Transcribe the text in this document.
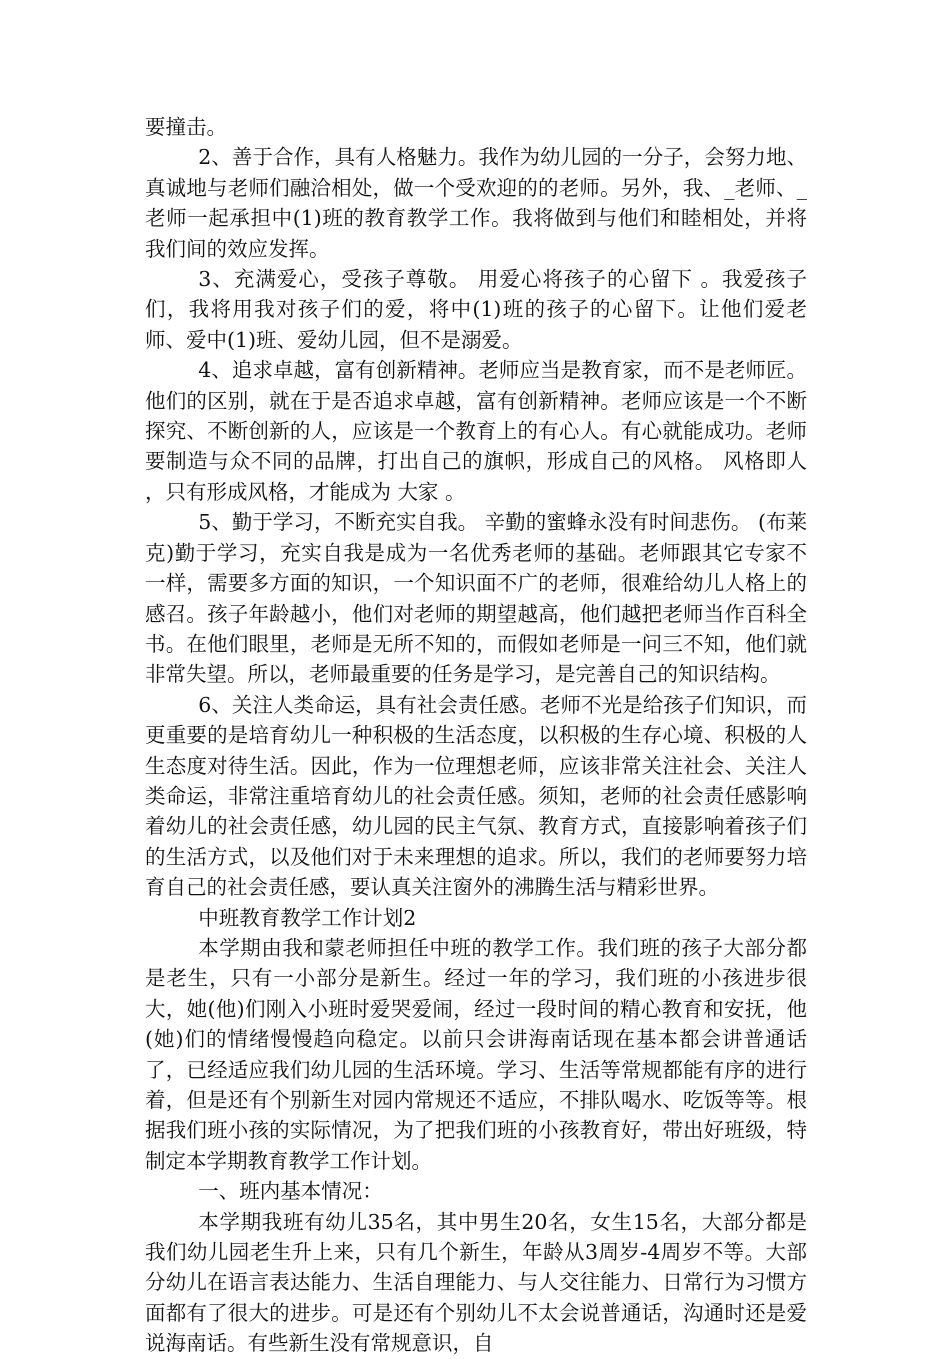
要撞击。

2、善于合作，具有人格魅力。我作为幼儿园的一分子，会努力地、真诚地与老师们融洽相处，做一个受欢迎的的老师。另外，我、_老师、_老师一起承担中(1)班的教育教学工作。我将做到与他们和睦相处，并将我们间的效应发挥。

3、充满爱心，受孩子尊敬。 用爱心将孩子的心留下 。我爱孩子们，我将用我对孩子们的爱，将中(1)班的孩子的心留下。让他们爱老师、爱中(1)班、爱幼儿园，但不是溺爱。

4、追求卓越，富有创新精神。老师应当是教育家，而不是老师匠。他们的区别，就在于是否追求卓越，富有创新精神。老师应该是一个不断探究、不断创新的人，应该是一个教育上的有心人。有心就能成功。老师要制造与众不同的品牌，打出自己的旗帜，形成自己的风格。 风格即人 ，只有形成风格，才能成为 大家 。

5、勤于学习，不断充实自我。 辛勤的蜜蜂永没有时间悲伤。 (布莱克)勤于学习，充实自我是成为一名优秀老师的基础。老师跟其它专家不一样，需要多方面的知识，一个知识面不广的老师，很难给幼儿人格上的感召。孩子年龄越小，他们对老师的期望越高，他们越把老师当作百科全书。在他们眼里，老师是无所不知的，而假如老师是一问三不知，他们就非常失望。所以，老师最重要的任务是学习，是完善自己的知识结构。

6、关注人类命运，具有社会责任感。老师不光是给孩子们知识，而更重要的是培育幼儿一种积极的生活态度，以积极的生存心境、积极的人生态度对待生活。因此，作为一位理想老师，应该非常关注社会、关注人类命运，非常注重培育幼儿的社会责任感。须知，老师的社会责任感影响着幼儿的社会责任感，幼儿园的民主气氛、教育方式，直接影响着孩子们的生活方式，以及他们对于未来理想的追求。所以，我们的老师要努力培育自己的社会责任感，要认真关注窗外的沸腾生活与精彩世界。

中班教育教学工作计划2

本学期由我和蒙老师担任中班的教学工作。我们班的孩子大部分都是老生，只有一小部分是新生。经过一年的学习，我们班的小孩进步很大，她(他)们刚入小班时爱哭爱闹，经过一段时间的精心教育和安抚，他(她)们的情绪慢慢趋向稳定。以前只会讲海南话现在基本都会讲普通话了，已经适应我们幼儿园的生活环境。学习、生活等常规都能有序的进行着，但是还有个别新生对园内常规还不适应，不排队喝水、吃饭等等。根据我们班小孩的实际情况，为了把我们班的小孩教育好，带出好班级，特制定本学期教育教学工作计划。

一、班内基本情况：

本学期我班有幼儿35名，其中男生20名，女生15名，大部分都是我们幼儿园老生升上来，只有几个新生，年龄从3周岁-4周岁不等。大部分幼儿在语言表达能力、生活自理能力、与人交往能力、日常行为习惯方面都有了很大的进步。可是还有个别幼儿不太会说普通话，沟通时还是爱说海南话。有些新生没有常规意识，自
